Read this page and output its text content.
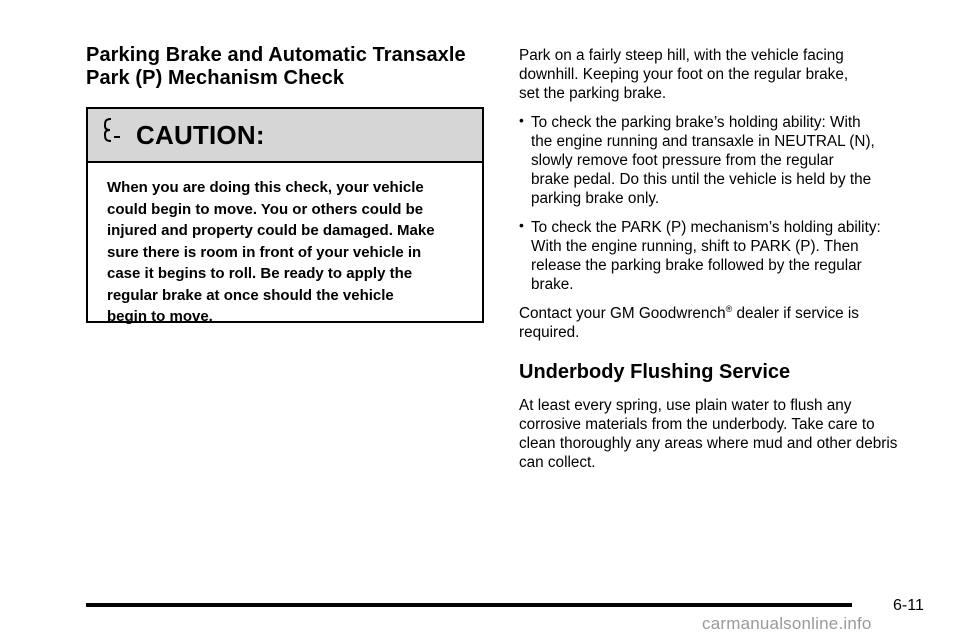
Parking Brake and Automatic Transaxle
Park (P) Mechanism Check
CAUTION:
When you are doing this check, your vehicle
could begin to move. You or others could be
injured and property could be damaged. Make
sure there is room in front of your vehicle in
case it begins to roll. Be ready to apply the
regular brake at once should the vehicle
begin to move.

Park on a fairly steep hill, with the vehicle facing

downhill. Keeping your foot on the regular brake,

set the parking brake.

• To check the parking brake’s holding ability: With
the engine running and transaxle in NEUTRAL (N),
slowly remove foot pressure from the regular
brake pedal. Do this until the vehicle is held by the
parking brake only.
• To check the PARK (P) mechanism’s holding ability:
With the engine running, shift to PARK (P). Then
release the parking brake followed by the regular
brake.

Contact your GM Goodwrench® dealer if service is

required.

Underbody Flushing Service

At least every spring, use plain water to flush any

corrosive materials from the underbody. Take care to

clean thoroughly any areas where mud and other debris

can collect.

6-11
carmanualsonline.info
